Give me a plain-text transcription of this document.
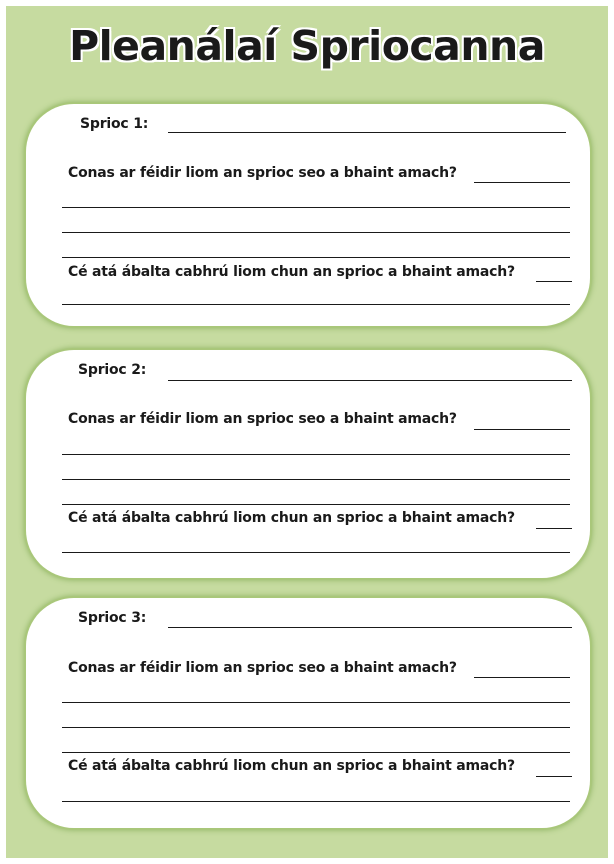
Pleanálaí Spriocanna
Sprioc 1:
Conas ar féidir liom an sprioc seo a bhaint amach?
Cé atá ábalta cabhrú liom chun an sprioc a bhaint amach?
Sprioc 2:
Conas ar féidir liom an sprioc seo a bhaint amach?
Cé atá ábalta cabhrú liom chun an sprioc a bhaint amach?
Sprioc 3:
Conas ar féidir liom an sprioc seo a bhaint amach?
Cé atá ábalta cabhrú liom chun an sprioc a bhaint amach?
